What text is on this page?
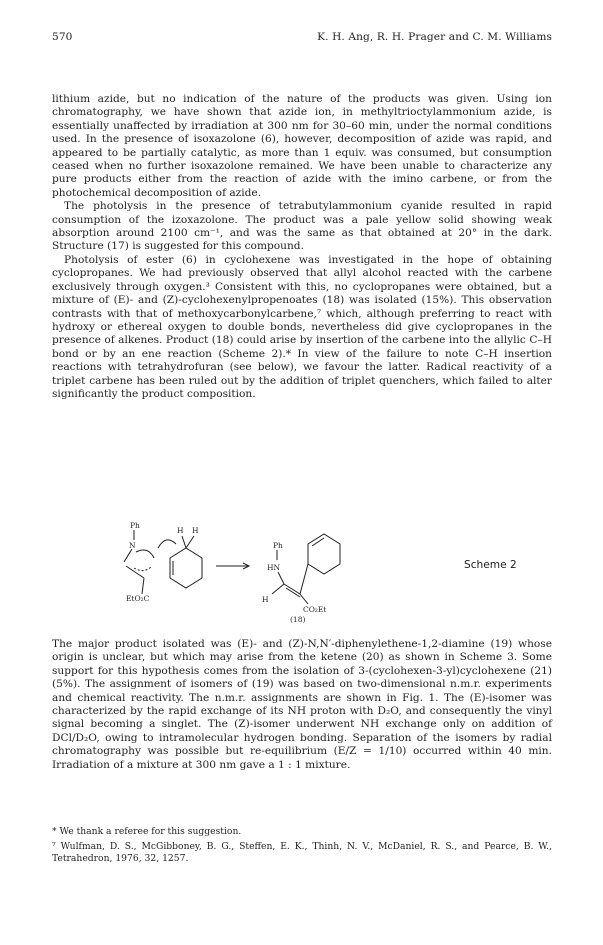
570	K. H. Ang, R. H. Prager and C. M. Williams

lithium azide, but no indication of the nature of the products was given. Using ion chromatography, we have shown that azide ion, in methyltrioctylammonium azide, is essentially unaffected by irradiation at 300 nm for 30–60 min, under the normal conditions used. In the presence of isoxazolone (6), however, decomposition of azide was rapid, and appeared to be partially catalytic, as more than 1 equiv. was consumed, but consumption ceased when no further isoxazolone remained. We have been unable to characterize any pure products either from the reaction of azide with the imino carbene, or from the photochemical decomposition of azide.

The photolysis in the presence of tetrabutylammonium cyanide resulted in rapid consumption of the izoxazolone. The product was a pale yellow solid showing weak absorption around 2100 cm⁻¹, and was the same as that obtained at 20° in the dark. Structure (17) is suggested for this compound.

Photolysis of ester (6) in cyclohexene was investigated in the hope of obtaining cyclopropanes. We had previously observed that allyl alcohol reacted with the carbene exclusively through oxygen.³ Consistent with this, no cyclopropanes were obtained, but a mixture of (E)- and (Z)-cyclohexenylpropenoates (18) was isolated (15%). This observation contrasts with that of methoxycarbonylcarbene,⁷ which, although preferring to react with hydroxy or ethereal oxygen to double bonds, nevertheless did give cyclopropanes in the presence of alkenes. Product (18) could arise by insertion of the carbene into the allylic C–H bond or by an ene reaction (Scheme 2).* In view of the failure to note C–H insertion reactions with tetrahydrofuran (see below), we favour the latter. Radical reactivity of a triplet carbene has been ruled out by the addition of triplet quenchers, which failed to alter significantly the product composition.

Ph
N
H H
EtO₂C
Ph
HN
H
CO₂Et
(18)
Scheme 2

The major product isolated was (E)- and (Z)-N,N′-diphenylethene-1,2-diamine (19) whose origin is unclear, but which may arise from the ketene (20) as shown in Scheme 3. Some support for this hypothesis comes from the isolation of 3-(cyclohexen-3-yl)cyclohexene (21) (5%). The assignment of isomers of (19) was based on two-dimensional n.m.r. experiments and chemical reactivity. The n.m.r. assignments are shown in Fig. 1. The (E)-isomer was characterized by the rapid exchange of its NH proton with D₂O, and consequently the vinyl signal becoming a singlet. The (Z)-isomer underwent NH exchange only on addition of DCl/D₂O, owing to intramolecular hydrogen bonding. Separation of the isomers by radial chromatography was possible but re-equilibrium (E/Z = 1/10) occurred within 40 min. Irradiation of a mixture at 300 nm gave a 1 : 1 mixture.

* We thank a referee for this suggestion.

⁷ Wulfman, D. S., McGibboney, B. G., Steffen, E. K., Thinh, N. V., McDaniel, R. S., and Pearce, B. W., Tetrahedron, 1976, 32, 1257.
